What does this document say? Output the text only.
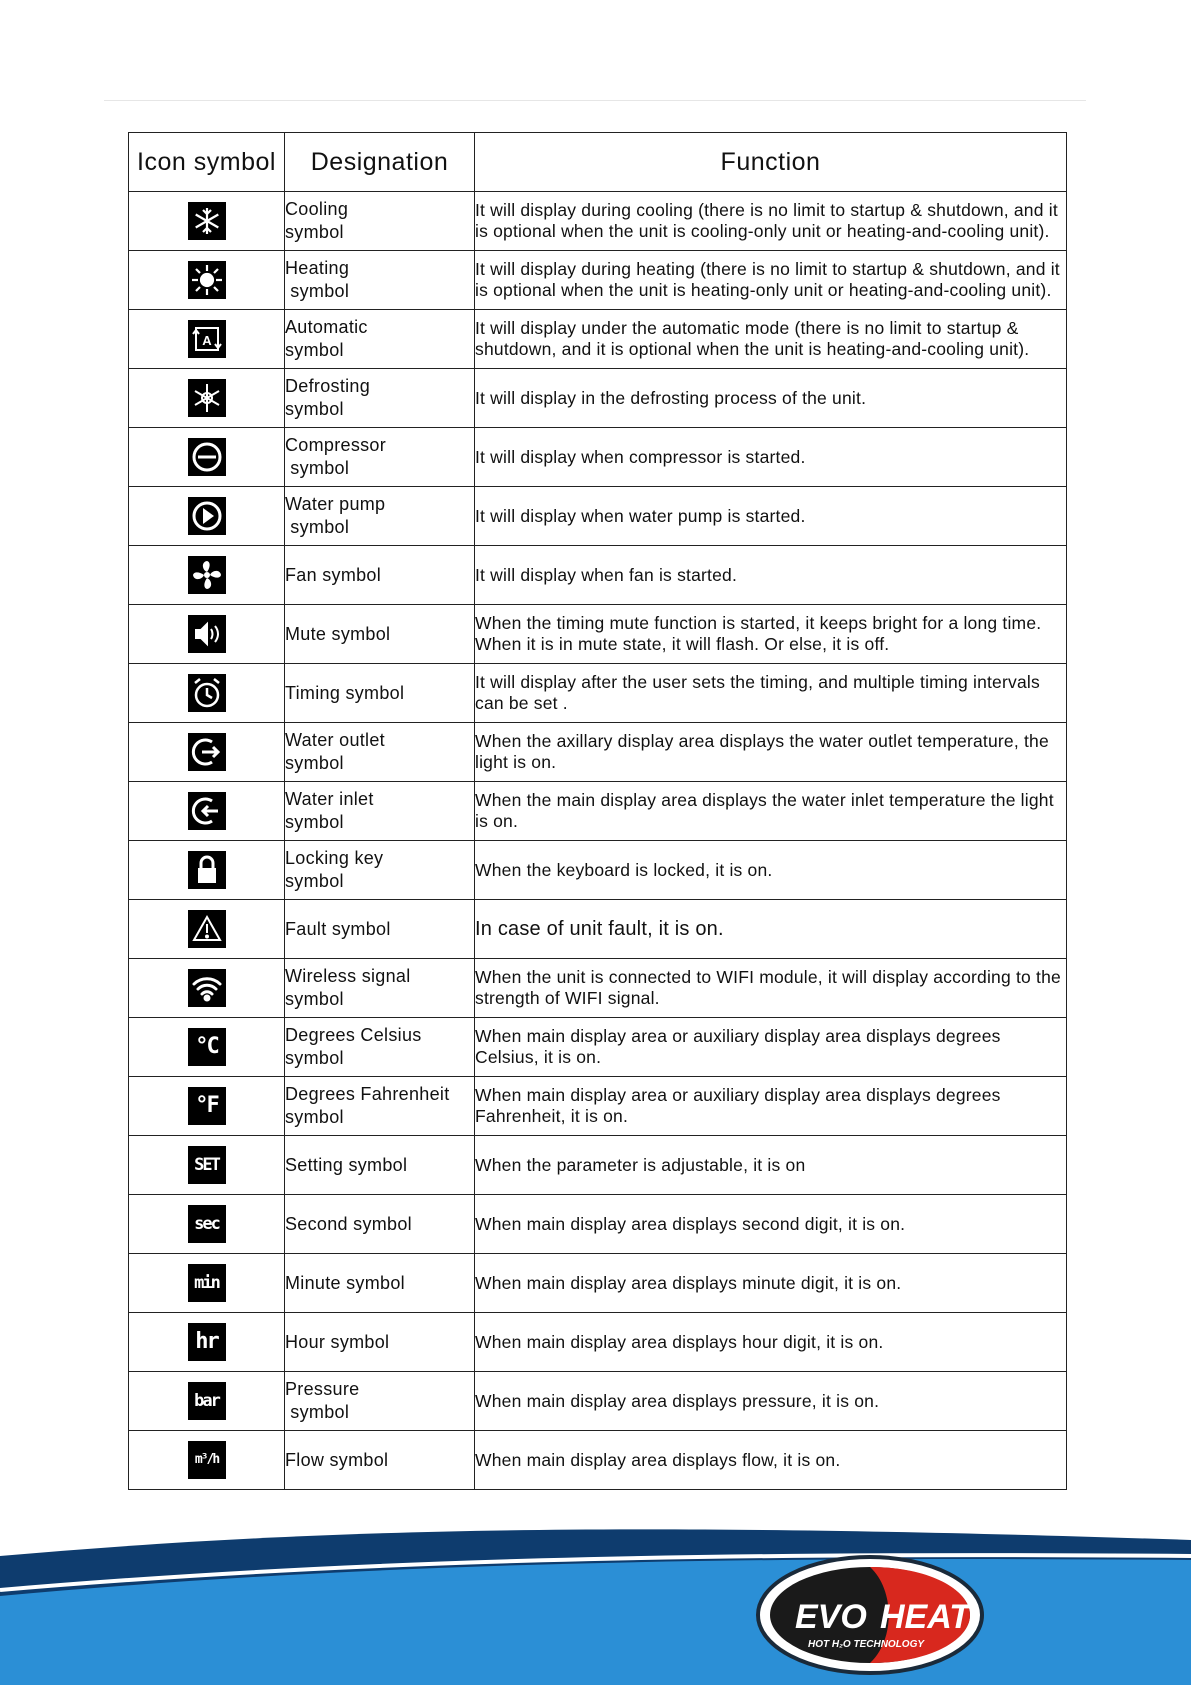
Icon symbol	Designation	Function

Cooling
symbol	It will display during cooling (there is no limit to startup & shutdown, and it is optional when the unit is cooling-only unit or heating-and-cooling unit).

Heating
symbol	It will display during heating (there is no limit to startup & shutdown, and it is optional when the unit is heating-only unit or heating-and-cooling unit).

A	Automatic
symbol	It will display under the automatic mode (there is no limit to startup & shutdown, and it is optional when the unit is heating-and-cooling unit).

Defrosting
symbol	It will display in the defrosting process of the unit.

Compressor
symbol	It will display when compressor is started.

Water pump
symbol	It will display when water pump is started.

Fan symbol	It will display when fan is started.

Mute symbol	When the timing mute function is started, it keeps bright for a long time. When it is in mute state, it will flash. Or else, it is off.

Timing symbol	It will display after the user sets the timing, and multiple timing intervals can be set .

Water outlet
symbol	When the axillary display area displays the water outlet temperature, the light is on.

Water inlet
symbol	When the main display area displays the water inlet temperature the light is on.

Locking key
symbol	When the keyboard is locked, it is on.

Fault symbol	In case of unit fault, it is on.

Wireless signal
symbol	When the unit is connected to WIFI module, it will display according to the strength of WIFI signal.
°C	Degrees Celsius
symbol	When main display area or auxiliary display area displays degrees Celsius, it is on.
°F	Degrees Fahrenheit
symbol	When main display area or auxiliary display area displays degrees Fahrenheit, it is on.
SET	Setting symbol	When the parameter is adjustable, it is on
sec	Second symbol	When main display area displays second digit, it is on.
min	Minute symbol	When main display area displays minute digit, it is on.
hr	Hour symbol	When main display area displays hour digit, it is on.
bar	Pressure
symbol	When main display area displays pressure, it is on.
m³/h	Flow symbol	When main display area displays flow, it is on.
EVO HEAT
HOT H₂O TECHNOLOGY
